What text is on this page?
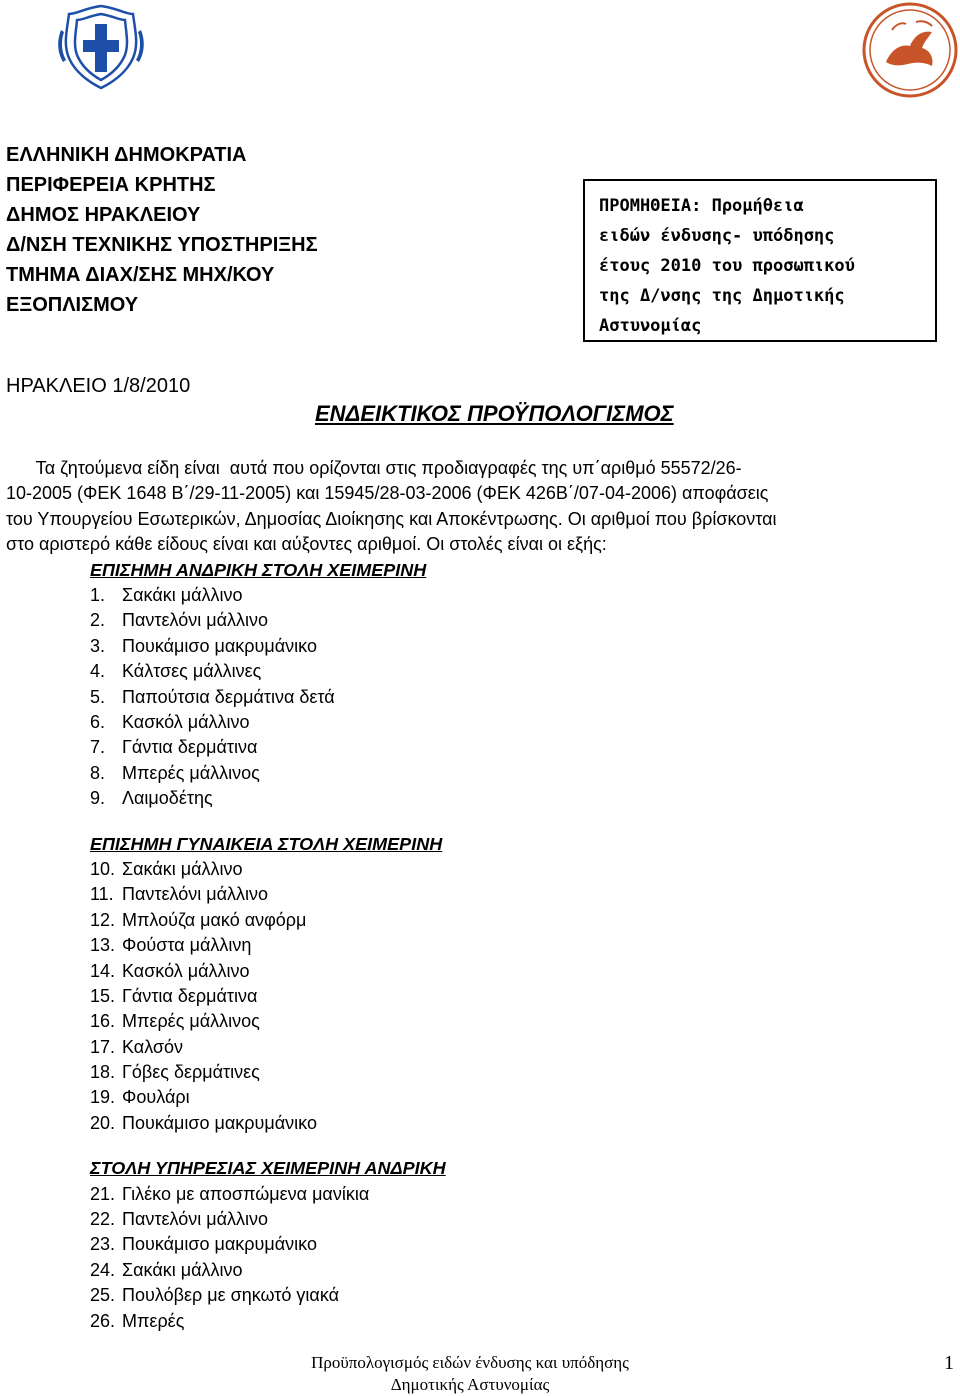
ΕΛΛΗΝΙΚΗ ΔΗΜΟΚΡΑΤΙΑ
ΠΕΡΙΦΕΡΕΙΑ ΚΡΗΤΗΣ
ΔΗΜΟΣ ΗΡΑΚΛΕΙΟΥ
Δ/ΝΣΗ ΤΕΧΝΙΚΗΣ ΥΠΟΣΤΗΡΙΞΗΣ
ΤΜΗΜΑ ΔΙΑΧ/ΣΗΣ ΜΗΧ/ΚΟΥ
ΕΞΟΠΛΙΣΜΟΥ
ΠΡΟΜΗΘΕΙΑ: Προμήθεια
ειδών ένδυσης- υπόδησης
έτους 2010 του προσωπικού
της Δ/νσης της Δημοτικής
Αστυνομίας
ΗΡΑΚΛΕΙΟ 1/8/2010
ΕΝΔΕΙΚΤΙΚΟΣ ΠΡΟΫΠΟΛΟΓΙΣΜΟΣ
Τα ζητούμενα είδη είναι  αυτά που ορίζονται στις προδιαγραφές της υπ΄αριθμό 55572/26-
10-2005 (ΦΕΚ 1648 Β΄/29-11-2005) και 15945/28-03-2006 (ΦΕΚ 426Β΄/07-04-2006) αποφάσεις
του Υπουργείου Εσωτερικών, Δημοσίας Διοίκησης και Αποκέντρωσης. Οι αριθμοί που βρίσκονται
στο αριστερό κάθε είδους είναι και αύξοντες αριθμοί. Οι στολές είναι οι εξής:
ΕΠΙΣΗΜΗ ΑΝΔΡΙΚΗ ΣΤΟΛΗ ΧΕΙΜΕΡΙΝΗ
1. Σακάκι μάλλινο
2. Παντελόνι μάλλινο
3. Πουκάμισο μακρυμάνικο
4. Κάλτσες μάλλινες
5. Παπούτσια δερμάτινα δετά
6. Κασκόλ μάλλινο
7. Γάντια δερμάτινα
8. Μπερές μάλλινος
9. Λαιμοδέτης
ΕΠΙΣΗΜΗ ΓΥΝΑΙΚΕΙΑ ΣΤΟΛΗ ΧΕΙΜΕΡΙΝΗ
10. Σακάκι μάλλινο
11. Παντελόνι μάλλινο
12. Μπλούζα μακό ανφόρμ
13. Φούστα μάλλινη
14. Κασκόλ μάλλινο
15. Γάντια δερμάτινα
16. Μπερές μάλλινος
17. Καλσόν
18. Γόβες δερμάτινες
19. Φουλάρι
20. Πουκάμισο μακρυμάνικο
ΣΤΟΛΗ ΥΠΗΡΕΣΙΑΣ ΧΕΙΜΕΡΙΝΗ ΑΝΔΡΙΚΗ
21. Γιλέκο με αποσπώμενα μανίκια
22. Παντελόνι μάλλινο
23. Πουκάμισο μακρυμάνικο
24. Σακάκι μάλλινο
25. Πουλόβερ με σηκωτό γιακά
26. Μπερές
Προϋπολογισμός ειδών ένδυσης και υπόδησης
Δημοτικής Αστυνομίας
1
